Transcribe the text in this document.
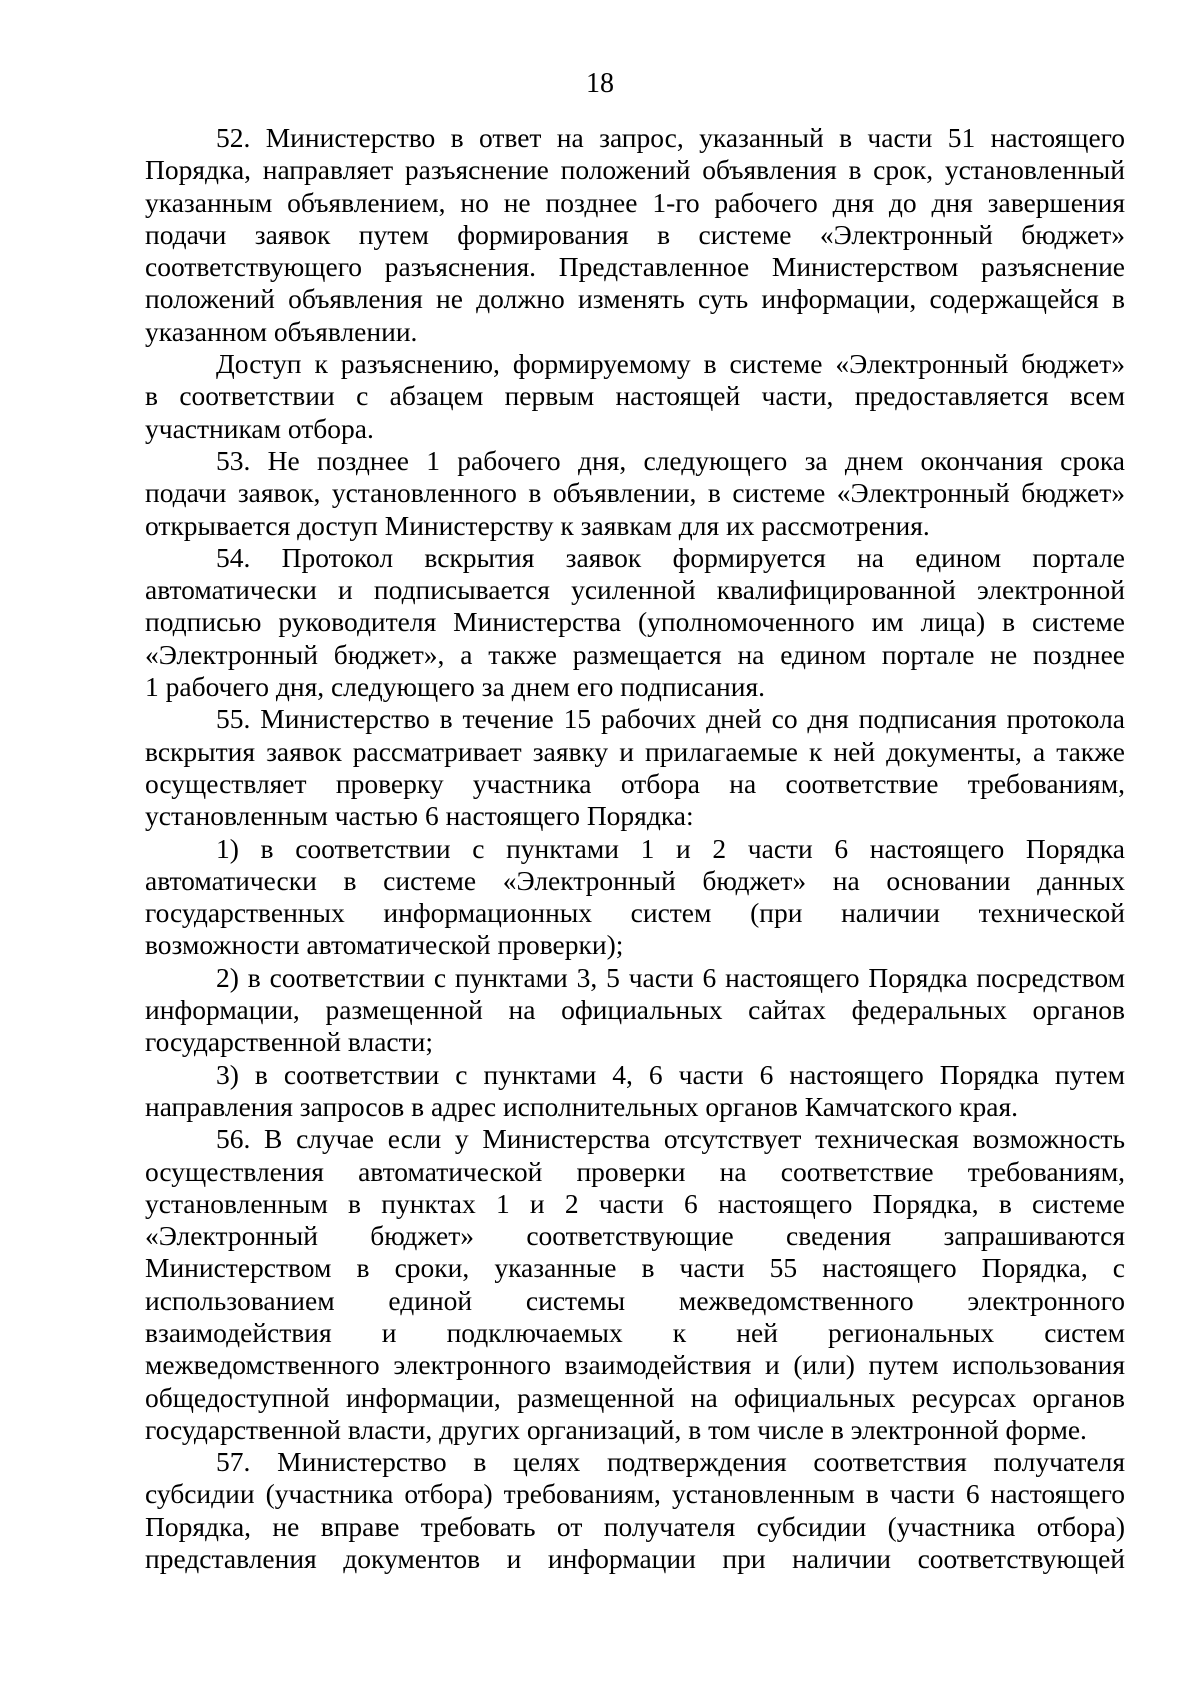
18

52. Министерство в ответ на запрос, указанный в части 51 настоящего
Порядка, направляет разъяснение положений объявления в срок, установленный
указанным объявлением, но не позднее 1-го рабочего дня до дня завершения
подачи заявок путем формирования в системе «Электронный бюджет»
соответствующего разъяснения. Представленное Министерством разъяснение
положений объявления не должно изменять суть информации, содержащейся в
указанном объявлении.

Доступ к разъяснению, формируемому в системе «Электронный бюджет»
в соответствии с абзацем первым настоящей части, предоставляется всем
участникам отбора.

53. Не позднее 1 рабочего дня, следующего за днем окончания срока
подачи заявок, установленного в объявлении, в системе «Электронный бюджет»
открывается доступ Министерству к заявкам для их рассмотрения.

54. Протокол вскрытия заявок формируется на едином портале
автоматически и подписывается усиленной квалифицированной электронной
подписью руководителя Министерства (уполномоченного им лица) в системе
«Электронный бюджет», а также размещается на едином портале не позднее
1 рабочего дня, следующего за днем его подписания.

55. Министерство в течение 15 рабочих дней со дня подписания протокола
вскрытия заявок рассматривает заявку и прилагаемые к ней документы, а также
осуществляет проверку участника отбора на соответствие требованиям,
установленным частью 6 настоящего Порядка:

1) в соответствии с пунктами 1 и 2 части 6 настоящего Порядка
автоматически в системе «Электронный бюджет» на основании данных
государственных информационных систем (при наличии технической
возможности автоматической проверки);

2) в соответствии с пунктами 3, 5 части 6 настоящего Порядка посредством
информации, размещенной на официальных сайтах федеральных органов
государственной власти;

3) в соответствии с пунктами 4, 6 части 6 настоящего Порядка путем
направления запросов в адрес исполнительных органов Камчатского края.

56. В случае если у Министерства отсутствует техническая возможность
осуществления автоматической проверки на соответствие требованиям,
установленным в пунктах 1 и 2 части 6 настоящего Порядка, в системе
«Электронный бюджет» соответствующие сведения запрашиваются
Министерством в сроки, указанные в части 55 настоящего Порядка, с
использованием единой системы межведомственного электронного
взаимодействия и подключаемых к ней региональных систем
межведомственного электронного взаимодействия и (или) путем использования
общедоступной информации, размещенной на официальных ресурсах органов
государственной власти, других организаций, в том числе в электронной форме.

57. Министерство в целях подтверждения соответствия получателя
субсидии (участника отбора) требованиям, установленным в части 6 настоящего
Порядка, не вправе требовать от получателя субсидии (участника отбора)
представления документов и информации при наличии соответствующей
